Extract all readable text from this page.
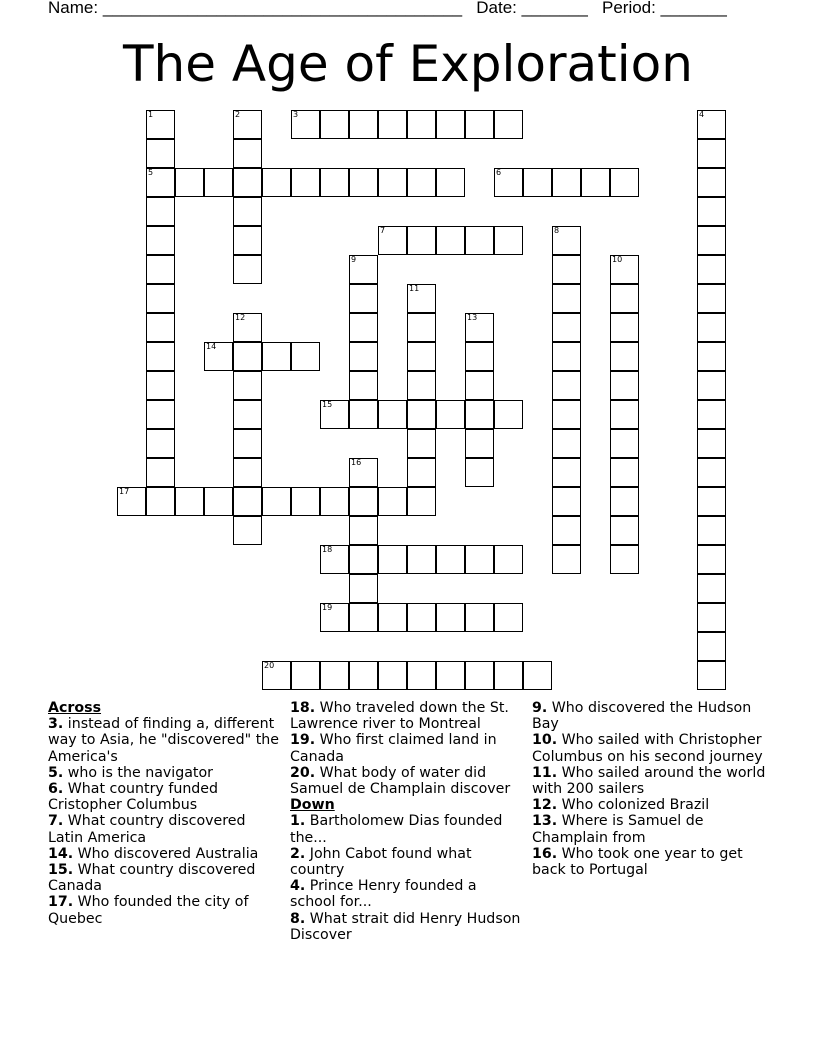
Name: ______________________________________ Date: _______ Period: _______
The Age of Exploration
1
5
2	3	4
6
7	8
9	10
11
12	13
14
15
16
17
18
19
20
Across
3. instead of finding a, different way to Asia, he "discovered" the America's
5. who is the navigator
6. What country funded Cristopher Columbus
7. What country discovered Latin America
14. Who discovered Australia
15. What country discovered Canada
17. Who founded the city of Quebec
18. Who traveled down the St. Lawrence river to Montreal
19. Who first claimed land in Canada
20. What body of water did Samuel de Champlain discover
Down
1. Bartholomew Dias founded the...
2. John Cabot found what country
4. Prince Henry founded a school for...
8. What strait did Henry Hudson Discover
9. Who discovered the Hudson Bay
10. Who sailed with Christopher Columbus on his second journey
11. Who sailed around the world with 200 sailers
12. Who colonized Brazil
13. Where is Samuel de Champlain from
16. Who took one year to get back to Portugal
